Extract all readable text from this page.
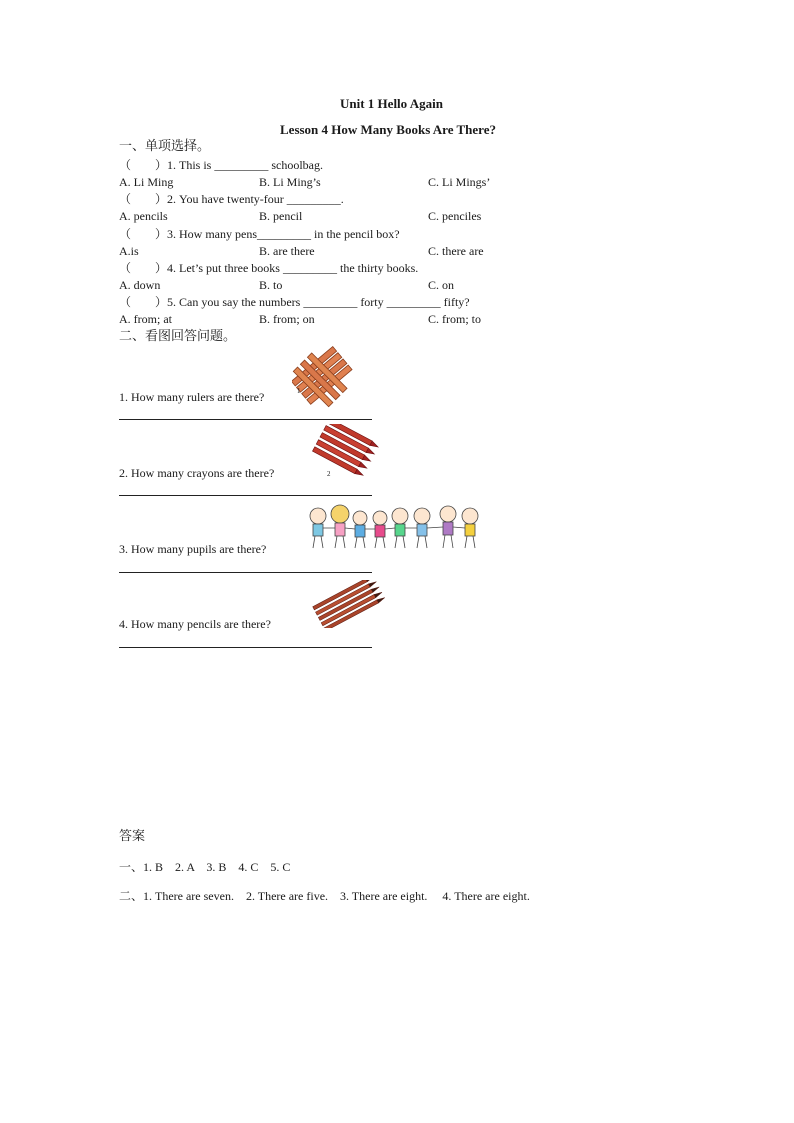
Unit 1 Hello Again
Lesson 4 How Many Books Are There?
一、单项选择。
（　　）1. This is _________ schoolbag.
A. Li Ming	B. Li Ming’s	C. Li Mings’
（　　）2. You have twenty-four _________.
A. pencils	B. pencil	C. penciles
（　　）3. How many pens_________ in the pencil box?
A.is	B. are there	C. there are
（　　）4. Let’s put three books _________ the thirty books.
A. down	B. to	C. on
（　　）5. Can you say the numbers _________ forty _________ fifty?
A. from; at	B. from; on	C. from; to
二、看图回答问题。
1. How many rulers are there?	1
2. How many crayons are there?	2
3. How many pupils are there?
4. How many pencils are there?
答案
一、1. B　2. A　3. B　4. C　5. C
二、1. There are seven.　2. There are five.　3. There are eight.　 4. There are eight.
